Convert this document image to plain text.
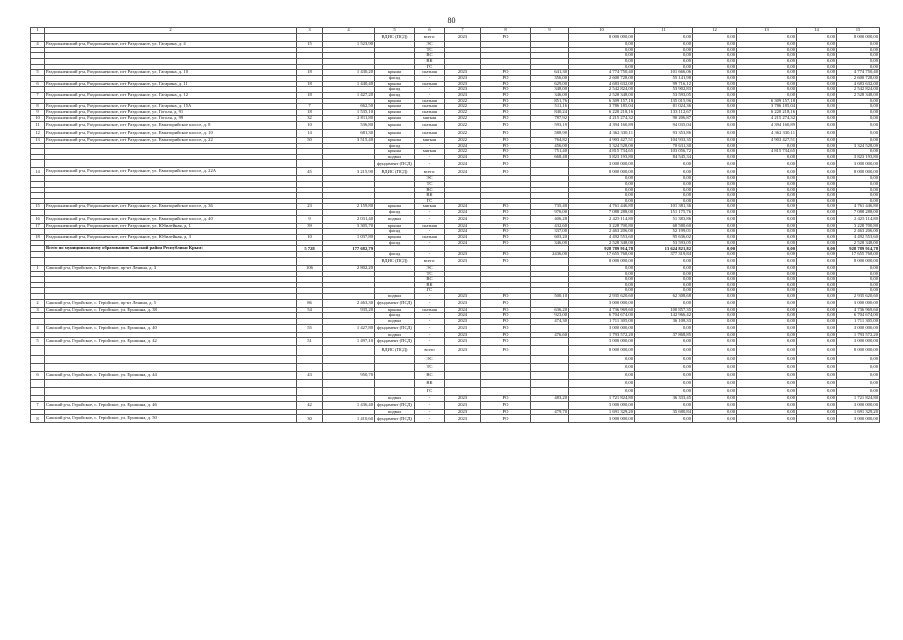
80
1	2	3	4	5	6	7	8	9	10	11	12	13	14	15
				ВДИС (ПСД)	всего:	2023	РО		8 000 000,00	0,00	0,00	0,00	0,00	8 000 000,00
4	Раздольненский р-н, Раздольненское, пгт Раздольное, ул. Гагарина, д. 4	15	1 523,90		ЭС				0,00	0,00	0,00	0,00	0,00	0,00
					ТС				0,00	0,00	0,00	0,00	0,00	0,00
					ВС				0,00	0,00	0,00	0,00	0,00	0,00
					ВК				0,00	0,00	0,00	0,00	0,00	0,00
					ГС				0,00	0,00	0,00	0,00	0,00	0,00
5	Раздольненский р-н, Раздольненское, пгт Раздольное, ул. Гагарина, д. 10	18	1 430,20	крыша	скатная	2023	РО	641,30	4 774 750,40	101 666,06	0,00	0,00	0,00	4 774 750,40
				фасад	-	2023	РО	356,00	2 600 728,00	55 141,98	0,00	0,00	0,00	2 600 728,00
6	Раздольненский р-н, Раздольненское, пгт Раздольное, ул. Гагарина, д. 11	18	1 440,40	крыша	скатная	2023	РО	629,00	4 683 632,00	99 716,12	0,00	0,00	0,00	4 683 632,00
				фасад	-	2023	РО	348,00	2 542 824,00	53 902,83	0,00	0,00	0,00	2 542 824,00
7	Раздольненский р-н, Раздольненское, пгт Раздольное, ул. Гагарина, д. 12	18	1 427,20	фасад	-	2023	РО	346,00	2 528 348,00	53 593,05	0,00	0,00	0,00	2 528 348,00
				крыша	скатная	2022	РО	851,76	6 309 157,18	135 015,96	0,00	6 309 157,18	0,00	0,00
8	Раздольненский р-н, Раздольненское, пгт Раздольное, ул. Гагарина, д. 15А	7	662,50	крыша	скатная	2022	РО	511,16	3 786 185,04	81 024,36	0,00	3 786 185,04	0,00	0,00
9	Раздольненский р-н, Раздольненское, пгт Раздольное, ул. Гоголя, д. 91	18	1 535,10	крыша	скатная	2022	РО	840,24	6 220 218,16	133 112,67	0,00	6 220 218,16	0,00	0,00
10	Раздольненский р-н, Раздольненское, пгт Раздольное, ул. Гоголя, д. 99	32	2 811,80	крыша	мягкая	2022	РО	787,92	4 215 274,32	90 206,87	0,00	4 215 274,32	0,00	0,00
11	Раздольненский р-н, Раздольненское, пгт Раздольное, ул. Евпаторийское шоссе, д. 8	10	536,80	крыша	скатная	2022	РО	593,19	4 394 160,89	94 035,04	0,00	4 394 160,89	0,00	0,00
12	Раздольненский р-н, Раздольненское, пгт Раздольное, ул. Евпаторийское шоссе, д. 10	14	681,30	крыша	скатная	2022	РО	588,90	4 362 330,11	93 353,86	0,00	4 362 330,11	0,00	0,00
13	Раздольненский р-н, Раздольненское, пгт Раздольное, ул. Евпаторийское шоссе, д. 22	50	3 515,40	крыша	мягкая	2022	РО	764,82	4 903 427,51	104 933,35	0,00	4 903 427,51	0,00	0,00
				фасад	-	2024	РО	456,00	3 324 528,00	70 631,30	0,00	0,00	0,00	3 324 528,00
				крыша	мягкая	2022	РО	751,40	4 815 734,65	103 056,72	0,00	4 815 734,65	0,00	0,00
				подвал	-	2024	РО	668,48	3 823 193,80	84 545,34	0,00	0,00	0,00	3 823 193,80
				фундамент (ПСД)	-	2024	РО		3 000 000,00	0,00	0,00	0,00	0,00	3 000 000,00
14	Раздольненский р-н, Раздольненское, пгт Раздольное, ул. Евпаторийское шоссе, д. 22А	45	3 215,90	ВДИС (ПСД)	всего:	2024	РО		8 000 000,00	0,00	0,00	0,00	0,00	8 000 000,00
					ЭС				0,00	0,00	0,00	0,00	0,00	0,00
					ТС				0,00	0,00	0,00	0,00	0,00	0,00
					ВС				0,00	0,00	0,00	0,00	0,00	0,00
					ВК				0,00	0,00	0,00	0,00	0,00	0,00
					ГС				0,00	0,00	0,00	0,00	0,00	0,00
15	Раздольненский р-н, Раздольненское, пгт Раздольное, ул. Евпаторийское шоссе, д. 36	23	2 159,80	крыша	мягкая	2024	РО	735,40	4 761 446,80	101 381,36	0,00	0,00	0,00	4 761 446,80
				фасад	-	2024	РО	976,00	7 088 288,00	151 175,76	0,00	0,00	0,00	7 088 288,00
16	Раздольненский р-н, Раздольненское, пгт Раздольное, ул. Евпаторийское шоссе, д. 40	9	2 031,40	подвал	-	2024	РО	406,28	2 425 114,80	51 383,86	0,00	0,00	0,00	2 425 114,80
17	Раздольненский р-н, Раздольненское, пгт Раздольное, ул. Юбилейная, д. 1	39	3 305,70	крыша	скатная	2024	РО	432,60	3 228 700,80	68 580,60	0,00	0,00	0,00	3 228 700,80
				фасад	-	2024	РО	337,00	2 463 206,00	52 199,01	0,00	0,00	0,00	2 463 206,00
18	Раздольненский р-н, Раздольненское, пгт Раздольное, ул. Юбилейная, д. 3	10	1 037,80	крыша	скатная	2024	РО	603,20	4 492 553,60	95 636,02	0,00	0,00	0,00	4 492 553,60
				фасад	-	2024	РО	346,00	2 528 348,00	53 593,05	0,00	0,00	0,00	2 528 348,00
	Всего по муниципальному образованию Сакский район Республики Крым:	5 728	177 682,79						928 789 914,78	13 624 821,82	0,00	0,00	0,00	928 789 914,78
				фасад	-	2023	РО	2436,00	17 655 768,00	377 319,84	0,00	0,00	0,00	17 655 768,00
				ВДИС (ПСД)	всего:	2023	РО		8 000 000,00	0,00	0,00	0,00	0,00	8 000 000,00
1	Сакский р-н, Геройское, с. Геройское, пр-кт Ленина, д. 3	106	2 802,20		ЭС				0,00	0,00	0,00	0,00	0,00	0,00
					ТС				0,00	0,00	0,00	0,00	0,00	0,00
					ВС				0,00	0,00	0,00	0,00	0,00	0,00
					ВК				0,00	0,00	0,00	0,00	0,00	0,00
					ГС				0,00	0,00	0,00	0,00	0,00	0,00
				подвал	-	2023	РО	500,10	2 935 620,60	62 308,68	0,00	0,00	0,00	2 935 620,60
2	Сакский р-н, Геройское, с. Геройское, пр-кт Ленина, д. 5	86	2 463,30	фундамент (ПСД)	-	2023	РО		3 000 000,00	0,00	0,00	0,00	0,00	3 000 000,00
3	Сакский р-н, Геройское, с. Геройское, ул. Ерошина, д. 38	54	935,20	крыша	скатная	2024	РО	636,20	4 736 969,60	100 857,35	0,00	0,00	0,00	4 736 969,60
				фасад	-	2024	РО	923,00	6 704 674,00	142 966,42	0,00	0,00	0,00	6 704 674,00
				подвал	-	2023	РО	474,30	1 711 305,00	36 108,33	0,00	0,00	0,00	1 711 305,00
4	Сакский р-н, Геройское, с. Геройское, ул. Ерошина, д. 40	55	1 427,80	фундамент (ПСД)	-	2023	РО		3 000 000,00	0,00	0,00	0,00	0,00	3 000 000,00
				подвал	-	2023	РО	476,60	1 793 572,20	37 868,85	0,00	0,00	0,00	1 793 572,20
5	Сакский р-н, Геройское, с. Геройское, ул. Ерошина, д. 42	51	1 497,10	фундамент (ПСД)	-	2023	РО		3 000 000,00	0,00	0,00	0,00	0,00	3 000 000,00
				ВДИС (ПСД)	всего	2023	РО		8 000 000,00	0,00	0,00	0,00	0,00	8 000 000,00
					ЭС				0,00	0,00	0,00	0,00	0,00	0,00
					ТС				0,00	0,00	0,00	0,00	0,00	0,00
6	Сакский р-н, Геройское, с. Геройское, ул. Ерошина, д. 44	43	950,70		ВС				0,00	0,00	0,00	0,00	0,00	0,00
					ВК				0,00	0,00	0,00	0,00	0,00	0,00
					ГС				0,00	0,00	0,00	0,00	0,00	0,00
				подвал	-	2023	РО	483,20	1 721 824,80	36 333,45	0,00	0,00	0,00	1 721 824,80
7	Сакский р-н, Геройское, с. Геройское, ул. Ерошина, д. 46	42	1 436,40	фундамент (ПСД)	-	2023	РО		3 000 000,00	0,00	0,00	0,00	0,00	3 000 000,00
				подвал	-	2023	РО	479,70	1 691 329,20	35 680,84	0,00	0,00	0,00	1 691 329,20
8	Сакский р-н, Геройское, с. Геройское, ул. Ерошина, д. 50	30	1 410,60	фундамент (ПСД)	-	2023	РО		3 000 000,00	0,00	0,00	0,00	0,00	3 000 000,00
